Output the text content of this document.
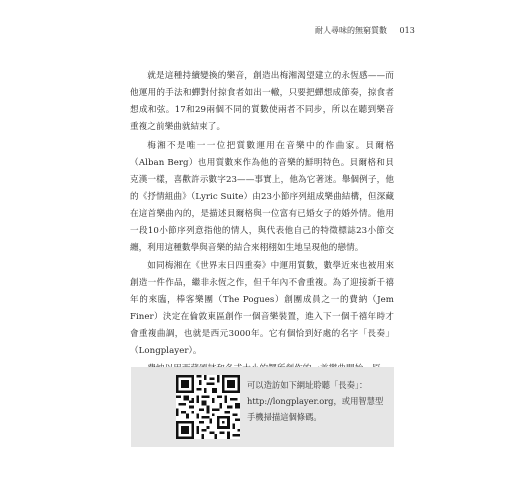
耐人尋味的無窮質數 013

就是這種持續變換的樂音，創造出梅湘渴望建立的永恆感——而他運用的手法和蟬對付掠食者如出一轍，只要把蟬想成節奏，掠食者想成和弦。17和29兩個不同的質數使兩者不同步，所以在聽到樂音重複之前樂曲就結束了。

梅湘不是唯一一位把質數運用在音樂中的作曲家。貝爾格（Alban Berg）也用質數來作為他的音樂的鮮明特色。貝爾格和貝克漢一樣，喜歡許示數字23——事實上，他為它著迷。舉個例子，他的《抒情組曲》（Lyric Suite）由23小節序列組成樂曲結構，但深藏在這首樂曲內的，是描述貝爾格與一位富有已婚女子的婚外情。他用一段10小節序列意指他的情人，與代表他自己的特徵標誌23小節交纏，利用這種數學與音樂的結合來栩栩如生地呈現他的戀情。

如同梅湘在《世界末日四重奏》中運用質數，數學近來也被用來創造一件作品，繼非永恆之作，但千年內不會重複。為了迎接新千禧年的來臨，棒客樂團（The Pogues）創團成員之一的費納（Jem Finer）決定在倫敦東區創作一個音樂裝置，進入下一個千禧年時才會重複曲調，也就是西元3000年。它有個恰到好處的名字「長奏」（Longplayer）。

可以造訪如下網址聆聽「長奏」：http://longplayer.org，或用智慧型手機掃描這個條碼。
